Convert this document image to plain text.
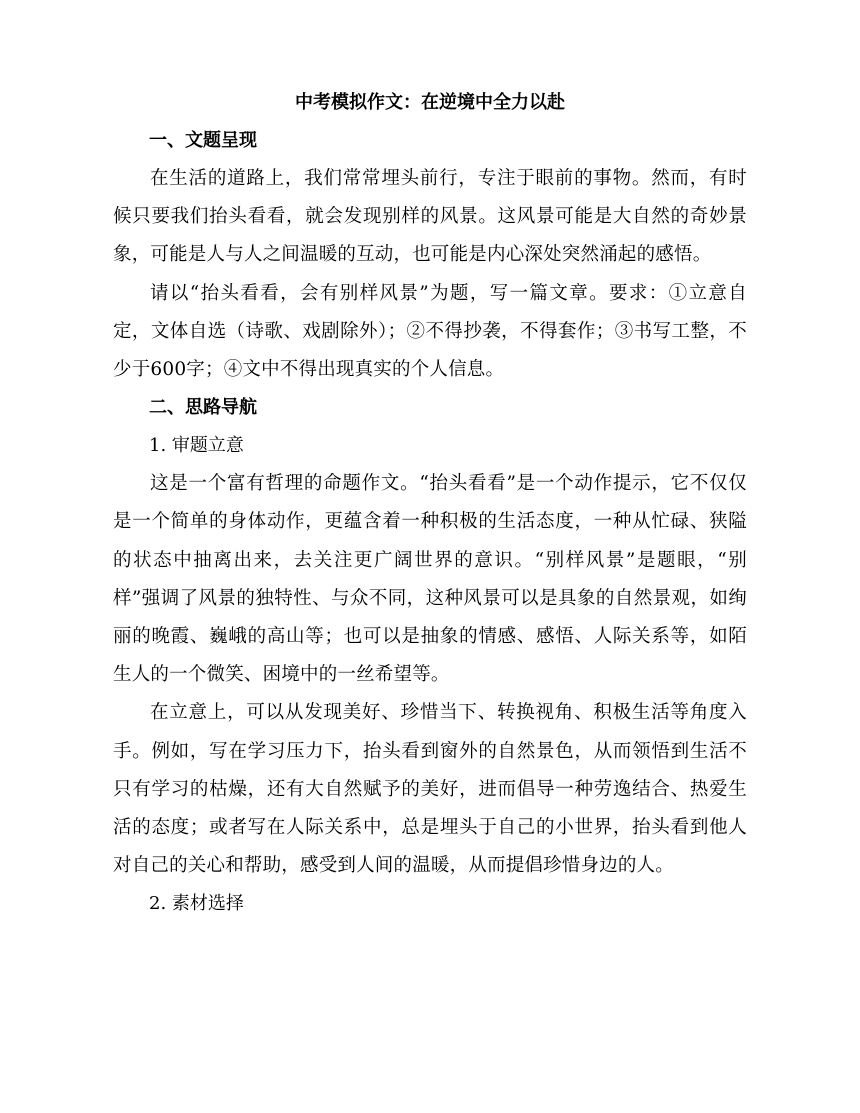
中考模拟作文：在逆境中全力以赴

一、文题呈现

在生活的道路上，我们常常埋头前行，专注于眼前的事物。然而，有时候只要我们抬头看看，就会发现别样的风景。这风景可能是大自然的奇妙景象，可能是人与人之间温暖的互动，也可能是内心深处突然涌起的感悟。

请以“抬头看看，会有别样风景”为题，写一篇文章。要求：①立意自定，文体自选（诗歌、戏剧除外）；②不得抄袭，不得套作；③书写工整，不少于600字；④文中不得出现真实的个人信息。

二、思路导航

1. 审题立意

这是一个富有哲理的命题作文。“抬头看看”是一个动作提示，它不仅仅是一个简单的身体动作，更蕴含着一种积极的生活态度，一种从忙碌、狭隘的状态中抽离出来，去关注更广阔世界的意识。“别样风景”是题眼，“别样”强调了风景的独特性、与众不同，这种风景可以是具象的自然景观，如绚丽的晚霞、巍峨的高山等；也可以是抽象的情感、感悟、人际关系等，如陌生人的一个微笑、困境中的一丝希望等。

在立意上，可以从发现美好、珍惜当下、转换视角、积极生活等角度入手。例如，写在学习压力下，抬头看到窗外的自然景色，从而领悟到生活不只有学习的枯燥，还有大自然赋予的美好，进而倡导一种劳逸结合、热爱生活的态度；或者写在人际关系中，总是埋头于自己的小世界，抬头看到他人对自己的关心和帮助，感受到人间的温暖，从而提倡珍惜身边的人。

2. 素材选择
